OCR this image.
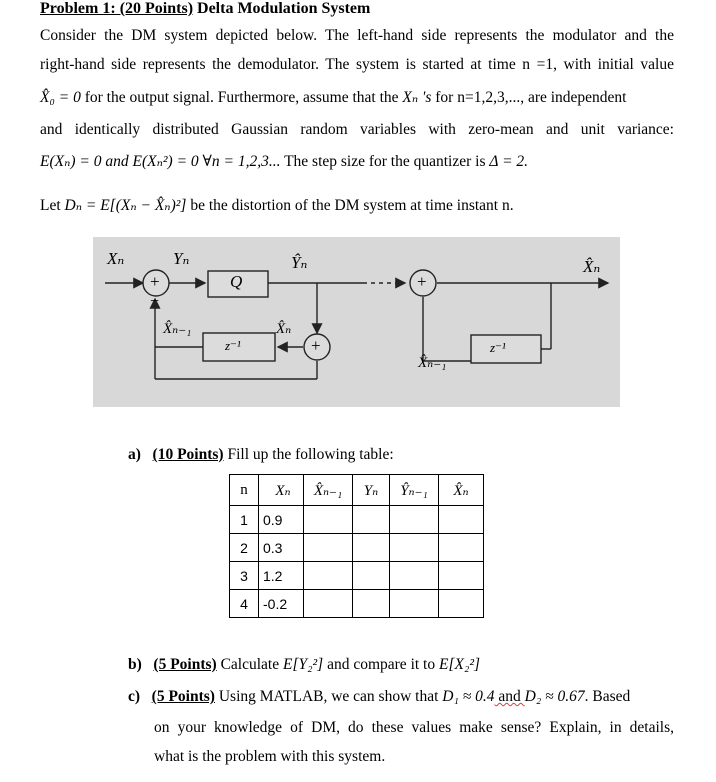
Problem 1: (20 Points) Delta Modulation System
Consider the DM system depicted below. The left-hand side represents the modulator and the
right-hand side represents the demodulator. The system is started at time n =1, with initial value
X̂₀ = 0 for the output signal. Furthermore, assume that the Xₙ 's for n=1,2,3,..., are independent
and identically distributed Gaussian random variables with zero-mean and unit variance:
E(Xₙ) = 0 and E(Xₙ²) = 0 ∀n = 1,2,3... The step size for the quantizer is Δ = 2.
Let Dₙ = E[(Xₙ − X̂ₙ)²] be the distortion of the DM system at time instant n.
Xₙ	Yₙ
Q
Ŷₙ	X̂ₙ
+
−
+
+
X̂ₙ₋₁	X̂ₙ
z⁻¹	z⁻¹
X̂ₙ₋₁
a) (10 Points) Fill up the following table:
n	Xₙ	X̂ₙ₋₁	Yₙ	Ŷₙ₋₁	X̂ₙ
1	0.9				
2	0.3				
3	1.2				
4	-0.2				
b) (5 Points) Calculate E[Y₂²] and compare it to E[X₂²]
c) (5 Points) Using MATLAB, we can show that D₁ ≈ 0.4 and D₂ ≈ 0.67. Based
on your knowledge of DM, do these values make sense? Explain, in details,
what is the problem with this system.
